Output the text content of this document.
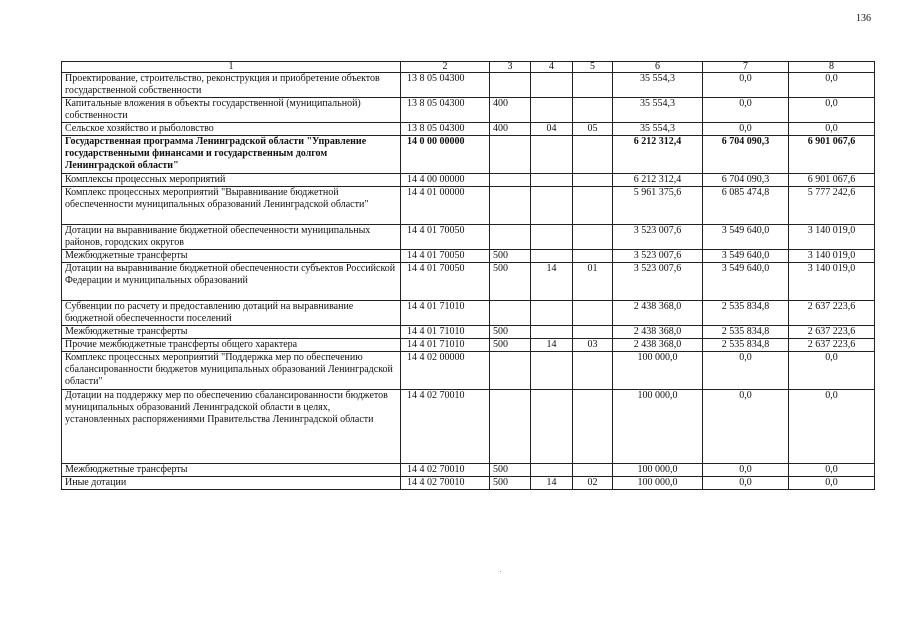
136
1	2	3	4	5	6	7	8
Проектирование, строительство, реконструкция и приобретение объектов государственной собственности	13 8 05 04300				35 554,3	0,0	0,0
Капитальные вложения в объекты государственной (муниципальной) собственности	13 8 05 04300	400			35 554,3	0,0	0,0
Сельское хозяйство и рыболовство	13 8 05 04300	400	04	05	35 554,3	0,0	0,0
Государственная программа Ленинградской области "Управление государственными финансами и государственным долгом Ленинградской области"	14 0 00 00000				6 212 312,4	6 704 090,3	6 901 067,6
Комплексы процессных мероприятий	14 4 00 00000				6 212 312,4	6 704 090,3	6 901 067,6
Комплекс процессных мероприятий "Выравнивание бюджетной обеспеченности муниципальных образований Ленинградской области"	14 4 01 00000				5 961 375,6	6 085 474,8	5 777 242,6
Дотации на выравнивание бюджетной обеспеченности муниципальных районов, городских округов	14 4 01 70050				3 523 007,6	3 549 640,0	3 140 019,0
Межбюджетные трансферты	14 4 01 70050	500			3 523 007,6	3 549 640,0	3 140 019,0
Дотации на выравнивание бюджетной обеспеченности субъектов Российской Федерации и муниципальных образований	14 4 01 70050	500	14	01	3 523 007,6	3 549 640,0	3 140 019,0
Субвенции по расчету и предоставлению дотаций на выравнивание бюджетной обеспеченности поселений	14 4 01 71010				2 438 368,0	2 535 834,8	2 637 223,6
Межбюджетные трансферты	14 4 01 71010	500			2 438 368,0	2 535 834,8	2 637 223,6
Прочие межбюджетные трансферты общего характера	14 4 01 71010	500	14	03	2 438 368,0	2 535 834,8	2 637 223,6
Комплекс процессных мероприятий "Поддержка мер по обеспечению сбалансированности бюджетов муниципальных образований Ленинградской области"	14 4 02 00000				100 000,0	0,0	0,0
Дотации на поддержку мер по обеспечению сбалансированности бюджетов муниципальных образований Ленинградской области в целях, установленных распоряжениями Правительства Ленинградской области	14 4 02 70010				100 000,0	0,0	0,0
Межбюджетные трансферты	14 4 02 70010	500			100 000,0	0,0	0,0
Иные дотации	14 4 02 70010	500	14	02	100 000,0	0,0	0,0
